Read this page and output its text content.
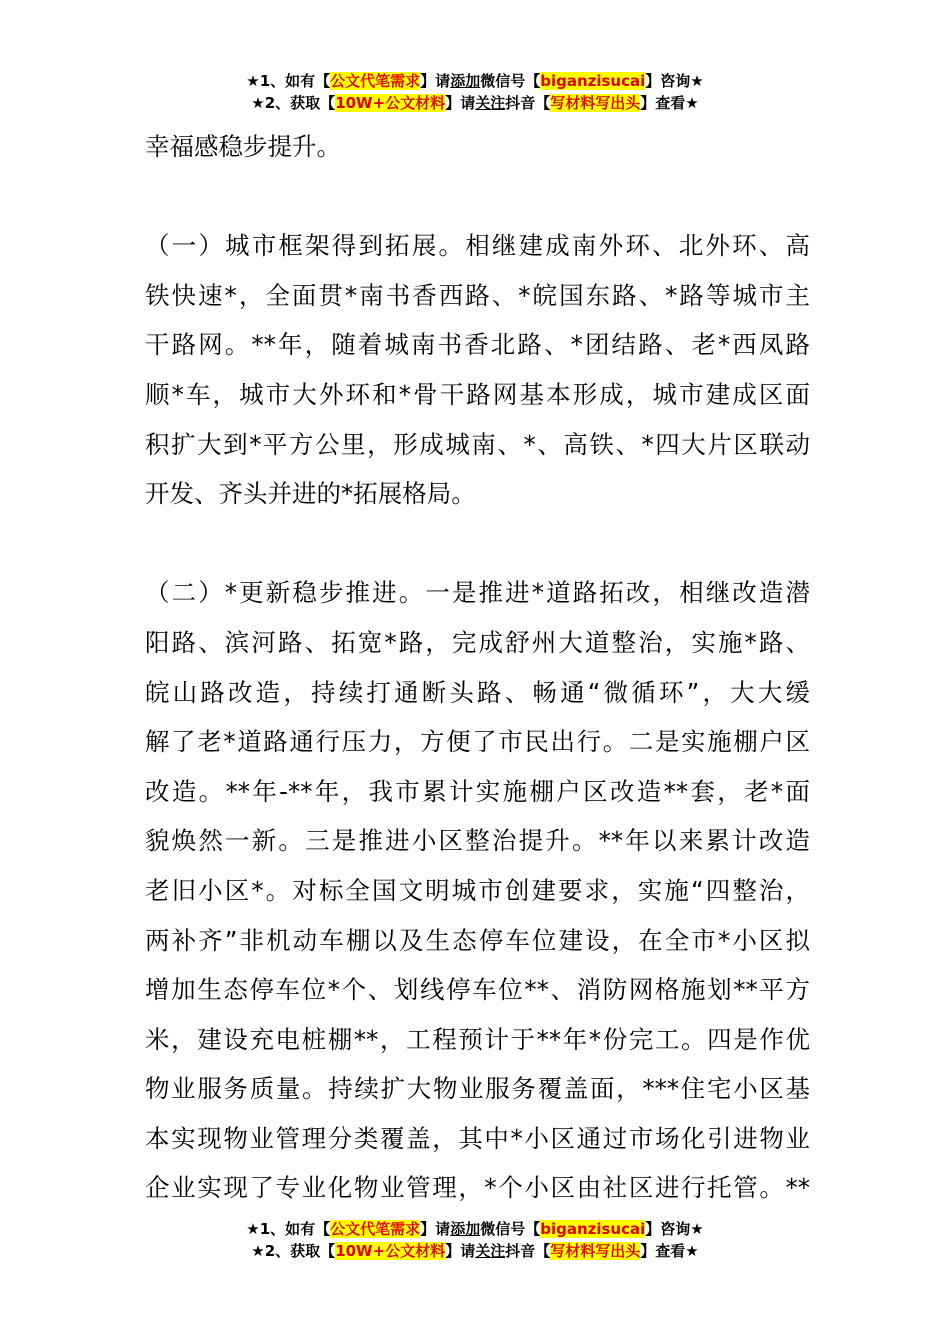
★1、如有【公文代笔需求】请添加微信号【biganzisucai】咨询★
★2、获取【10W+公文材料】请关注抖音【写材料写出头】查看★

幸福感稳步提升。

（一）城市框架得到拓展。相继建成南外环、北外环、高
铁快速*，全面贯*南书香西路、*皖国东路、*路等城市主
干路网。**年，随着城南书香北路、*团结路、老*西凤路
顺*车，城市大外环和*骨干路网基本形成，城市建成区面
积扩大到*平方公里，形成城南、*、高铁、*四大片区联动
开发、齐头并进的*拓展格局。

（二）*更新稳步推进。一是推进*道路拓改，相继改造潜
阳路、滨河路、拓宽*路，完成舒州大道整治，实施*路、
皖山路改造，持续打通断头路、畅通“微循环”，大大缓
解了老*道路通行压力，方便了市民出行。二是实施棚户区
改造。**年-**年，我市累计实施棚户区改造**套，老*面
貌焕然一新。三是推进小区整治提升。**年以来累计改造
老旧小区*。对标全国文明城市创建要求，实施“四整治，
两补齐”非机动车棚以及生态停车位建设，在全市*小区拟
增加生态停车位*个、划线停车位**、消防网格施划**平方
米，建设充电桩棚**，工程预计于**年*份完工。四是作优
物业服务质量。持续扩大物业服务覆盖面，***住宅小区基
本实现物业管理分类覆盖，其中*小区通过市场化引进物业
企业实现了专业化物业管理，*个小区由社区进行托管。**

★1、如有【公文代笔需求】请添加微信号【biganzisucai】咨询★
★2、获取【10W+公文材料】请关注抖音【写材料写出头】查看★
